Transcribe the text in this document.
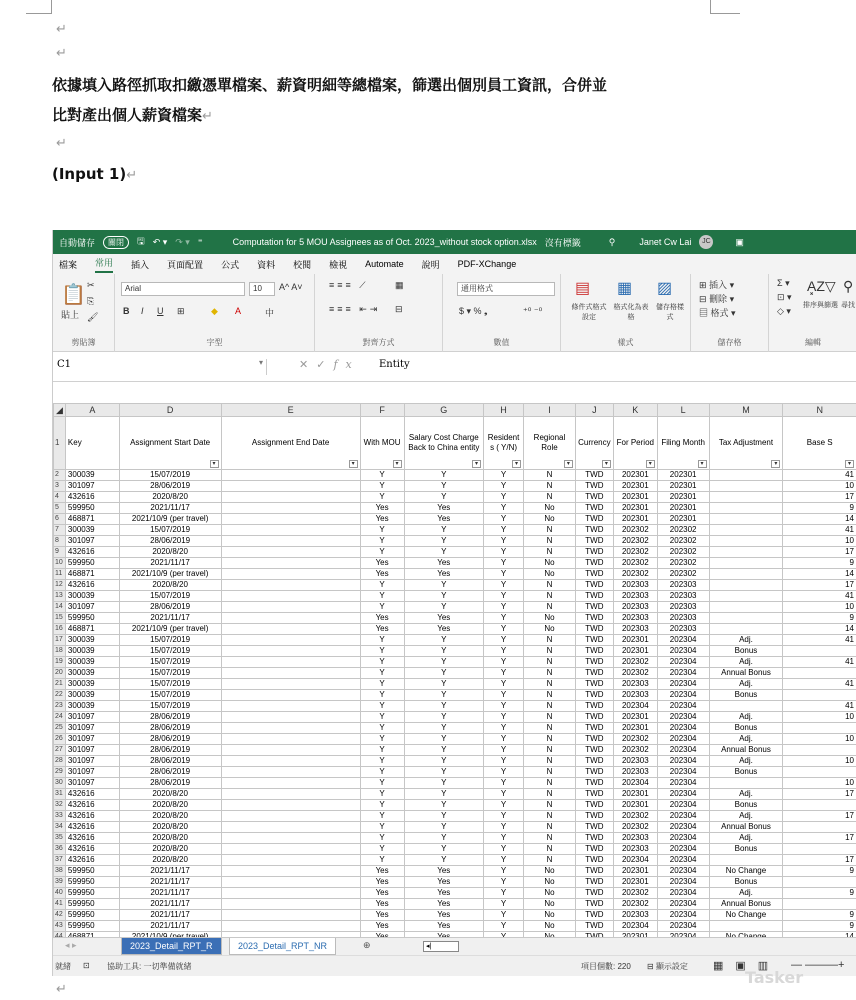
↵
↵
依據填入路徑抓取扣繳憑單檔案、薪資明細等總檔案，篩選出個別員工資訊，合併並
比對產出個人薪資檔案↵
↵
(Input 1)↵
自動儲存	關閉	🖫 ↶ ▾ ↷ ▾ ⁼	Computation for 5 MOU Assignees as of Oct. 2023_without stock option.xlsx 沒有標籤	⚲	Janet Cw Lai	JC	▣
檔案 常用 插入 頁面配置 公式 資料 校閱 檢視 Automate 說明 PDF-XChange
📋
貼上
✂
⎘
🖌
剪貼簿
Arial	10	A^ A˅
B I U ⊞	◆ A	中
字型
≡≡≡ ⟋	▦
≡≡≡ ⇤⇥ ⊟
對齊方式
通用格式
$ ▾ % ❟	⁺⁰ ⁻⁰
數值
▤ ▦ ▨
條件式格式設定
格式化為表格
儲存格樣式
樣式
⊞ 插入 ▾
⊟ 刪除 ▾
▤ 格式 ▾
儲存格
Σ ▾
⊡ ▾
◇ ▾
A͓Z▽
排序與篩選
⚲
尋找
編輯
C1	▾	✕✓fx Entity
◢	A	D	E	F	G	H	I	J	K	L	M	N
1	Key	Assignment Start Date
▾	Assignment End Date
▾	With MOU
▾	Salary Cost Charge Back to China entity
▾	Resident s ( Y/N)
▾	Regional Role
▾	Currency
▾	For Period
▾	Filing Month
▾	Tax Adjustment
▾	Base S
▾

2	300039	15/07/2019		Y	Y	Y	N	TWD	202301	202301		41
3	301097	28/06/2019		Y	Y	Y	N	TWD	202301	202301		10
4	432616	2020/8/20		Y	Y	Y	N	TWD	202301	202301		17
5	599950	2021/11/17		Yes	Yes	Y	No	TWD	202301	202301		9
6	468871	2021/10/9 (per travel)		Yes	Yes	Y	No	TWD	202301	202301		14
7	300039	15/07/2019		Y	Y	Y	N	TWD	202302	202302		41
8	301097	28/06/2019		Y	Y	Y	N	TWD	202302	202302		10
9	432616	2020/8/20		Y	Y	Y	N	TWD	202302	202302		17
10	599950	2021/11/17		Yes	Yes	Y	No	TWD	202302	202302		9
11	468871	2021/10/9 (per travel)		Yes	Yes	Y	No	TWD	202302	202302		14
12	432616	2020/8/20		Y	Y	Y	N	TWD	202303	202303		17
13	300039	15/07/2019		Y	Y	Y	N	TWD	202303	202303		41
14	301097	28/06/2019		Y	Y	Y	N	TWD	202303	202303		10
15	599950	2021/11/17		Yes	Yes	Y	No	TWD	202303	202303		9
16	468871	2021/10/9 (per travel)		Yes	Yes	Y	No	TWD	202303	202303		14
17	300039	15/07/2019		Y	Y	Y	N	TWD	202301	202304	Adj.	41
18	300039	15/07/2019		Y	Y	Y	N	TWD	202301	202304	Bonus	
19	300039	15/07/2019		Y	Y	Y	N	TWD	202302	202304	Adj.	41
20	300039	15/07/2019		Y	Y	Y	N	TWD	202302	202304	Annual Bonus	
21	300039	15/07/2019		Y	Y	Y	N	TWD	202303	202304	Adj.	41
22	300039	15/07/2019		Y	Y	Y	N	TWD	202303	202304	Bonus	
23	300039	15/07/2019		Y	Y	Y	N	TWD	202304	202304		41
24	301097	28/06/2019		Y	Y	Y	N	TWD	202301	202304	Adj.	10
25	301097	28/06/2019		Y	Y	Y	N	TWD	202301	202304	Bonus	
26	301097	28/06/2019		Y	Y	Y	N	TWD	202302	202304	Adj.	10
27	301097	28/06/2019		Y	Y	Y	N	TWD	202302	202304	Annual Bonus	
28	301097	28/06/2019		Y	Y	Y	N	TWD	202303	202304	Adj.	10
29	301097	28/06/2019		Y	Y	Y	N	TWD	202303	202304	Bonus	
30	301097	28/06/2019		Y	Y	Y	N	TWD	202304	202304		10
31	432616	2020/8/20		Y	Y	Y	N	TWD	202301	202304	Adj.	17
32	432616	2020/8/20		Y	Y	Y	N	TWD	202301	202304	Bonus	
33	432616	2020/8/20		Y	Y	Y	N	TWD	202302	202304	Adj.	17
34	432616	2020/8/20		Y	Y	Y	N	TWD	202302	202304	Annual Bonus	
35	432616	2020/8/20		Y	Y	Y	N	TWD	202303	202304	Adj.	17
36	432616	2020/8/20		Y	Y	Y	N	TWD	202303	202304	Bonus	
37	432616	2020/8/20		Y	Y	Y	N	TWD	202304	202304		17
38	599950	2021/11/17		Yes	Yes	Y	No	TWD	202301	202304	No Change	9
39	599950	2021/11/17		Yes	Yes	Y	No	TWD	202301	202304	Bonus	
40	599950	2021/11/17		Yes	Yes	Y	No	TWD	202302	202304	Adj.	9
41	599950	2021/11/17		Yes	Yes	Y	No	TWD	202302	202304	Annual Bonus	
42	599950	2021/11/17		Yes	Yes	Y	No	TWD	202303	202304	No Change	9
43	599950	2021/11/17		Yes	Yes	Y	No	TWD	202304	202304		9

◂ ▸	2023_Detail_RPT_R	2023_Detail_RPT_NR	⊕	◂|
就緒 ⊡ 協助工具: 一切準備就緒	項目個數: 220 ⊟ 顯示設定 ▦▣▥ — ———+
↵
Tasker
